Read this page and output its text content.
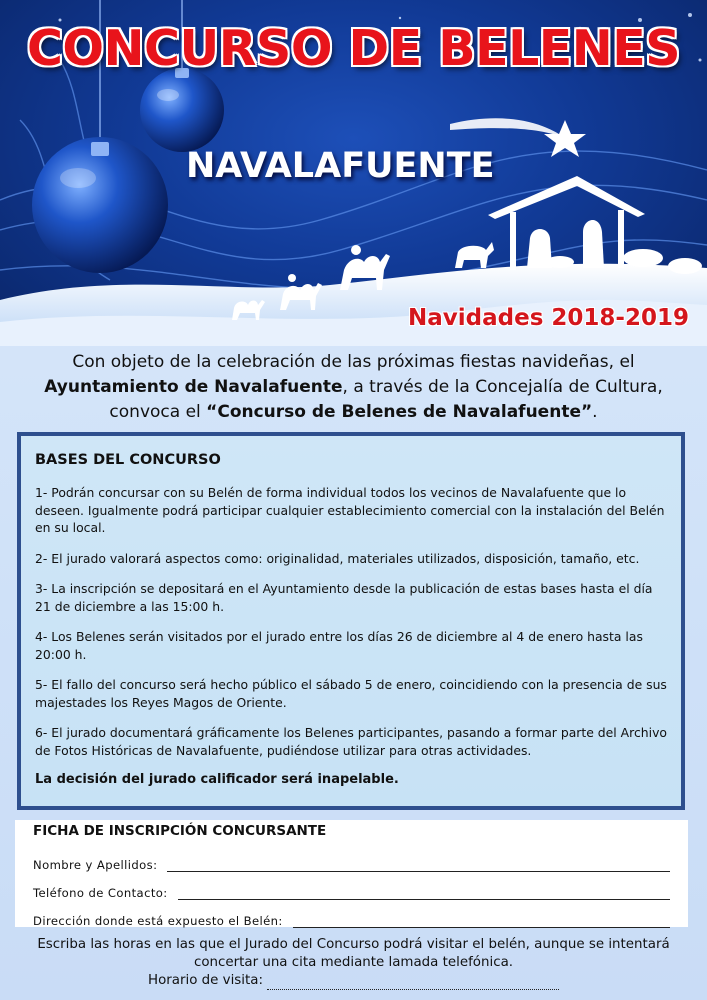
CONCURSO DE BELENES
NAVALAFUENTE
Navidades 2018-2019
Con objeto de la celebración de las próximas fiestas navideñas, el
Ayuntamiento de Navalafuente, a través de la Concejalía de Cultura,
convoca el “Concurso de Belenes de Navalafuente”.
BASES DEL CONCURSO

1- Podrán concursar con su Belén de forma individual todos los vecinos de Navalafuente que lo deseen. Igualmente podrá participar cualquier establecimiento comercial con la instalación del Belén en su local.

2- El jurado valorará aspectos como: originalidad, materiales utilizados, disposición, tamaño, etc.

3- La inscripción se depositará en el Ayuntamiento desde la publicación de estas bases hasta el día 21 de diciembre a las 15:00 h.

4- Los Belenes serán visitados por el jurado entre los días 26 de diciembre al 4 de enero hasta las 20:00 h.

5- El fallo del concurso será hecho público el sábado 5 de enero, coincidiendo con la presencia de sus majestades los Reyes Magos de Oriente.

6- El jurado documentará gráficamente los Belenes participantes, pasando a formar parte del Archivo de Fotos Históricas de Navalafuente, pudiéndose utilizar para otras actividades.

La decisión del jurado calificador será inapelable.

FICHA DE INSCRIPCIÓN CONCURSANTE
Nombre y Apellidos:
Teléfono de Contacto:
Dirección donde está expuesto el Belén:
Escriba las horas en las que el Jurado del Concurso podrá visitar el belén, aunque se intentará concertar una cita mediante lamada telefónica.
Horario de visita:
